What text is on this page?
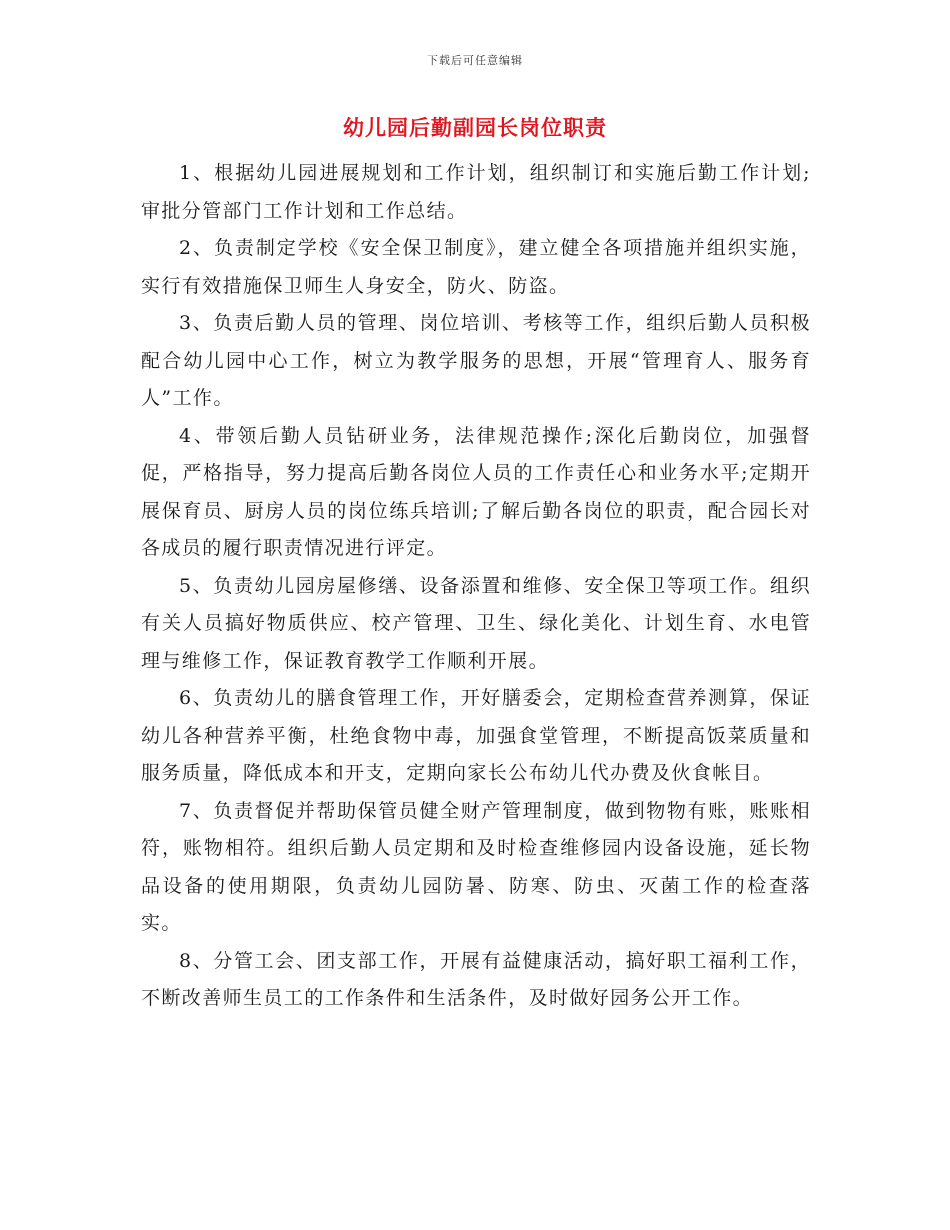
下载后可任意编辑
幼儿园后勤副园长岗位职责

1、根据幼儿园进展规划和工作计划，组织制订和实施后勤工作计划;审批分管部门工作计划和工作总结。

2、负责制定学校《安全保卫制度》，建立健全各项措施并组织实施，实行有效措施保卫师生人身安全，防火、防盗。

3、负责后勤人员的管理、岗位培训、考核等工作，组织后勤人员积极配合幼儿园中心工作，树立为教学服务的思想，开展“管理育人、服务育人”工作。

4、带领后勤人员钻研业务，法律规范操作;深化后勤岗位，加强督促，严格指导，努力提高后勤各岗位人员的工作责任心和业务水平;定期开展保育员、厨房人员的岗位练兵培训;了解后勤各岗位的职责，配合园长对各成员的履行职责情况进行评定。

5、负责幼儿园房屋修缮、设备添置和维修、安全保卫等项工作。组织有关人员搞好物质供应、校产管理、卫生、绿化美化、计划生育、水电管理与维修工作，保证教育教学工作顺利开展。

6、负责幼儿的膳食管理工作，开好膳委会，定期检查营养测算，保证幼儿各种营养平衡，杜绝食物中毒，加强食堂管理，不断提高饭菜质量和服务质量，降低成本和开支，定期向家长公布幼儿代办费及伙食帐目。

7、负责督促并帮助保管员健全财产管理制度，做到物物有账，账账相符，账物相符。组织后勤人员定期和及时检查维修园内设备设施，延长物品设备的使用期限，负责幼儿园防暑、防寒、防虫、灭菌工作的检查落实。

8、分管工会、团支部工作，开展有益健康活动，搞好职工福利工作，不断改善师生员工的工作条件和生活条件，及时做好园务公开工作。
